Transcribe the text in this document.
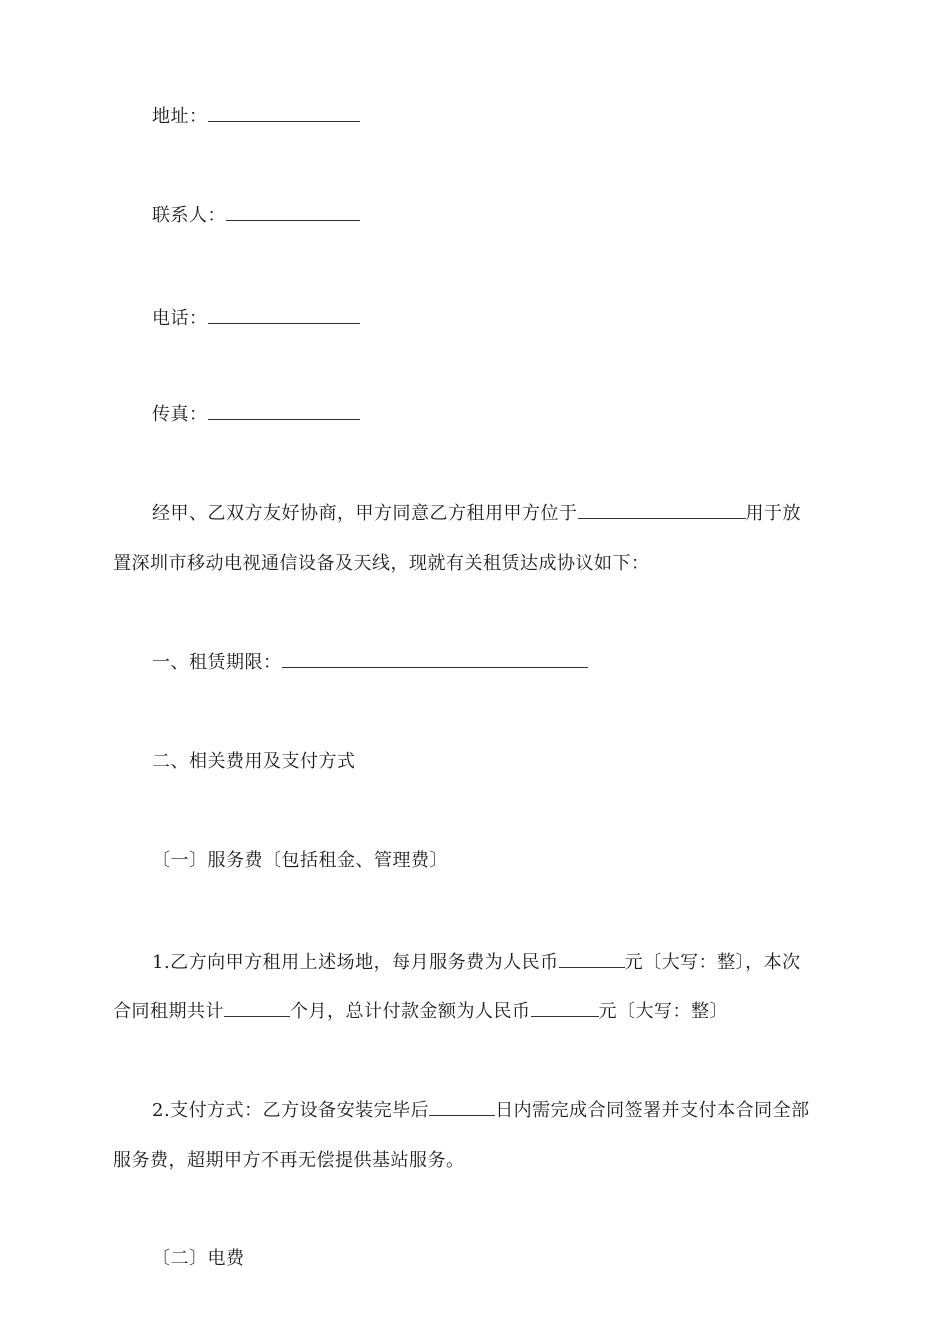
地址：
联系人：
电话：
传真：
经甲、乙双方友好协商，甲方同意乙方租用甲方位于	用于放
置深圳市移动电视通信设备及天线，现就有关租赁达成协议如下：
一、租赁期限：
二、相关费用及支付方式
〔一〕服务费〔包括租金、管理费〕
1.乙方向甲方租用上述场地，每月服务费为人民币	元〔大写：整〕，本次
合同租期共计	个月，总计付款金额为人民币	元〔大写：整〕
2.支付方式：乙方设备安装完毕后	日内需完成合同签署并支付本合同全部
服务费，超期甲方不再无偿提供基站服务。
〔二〕电费
